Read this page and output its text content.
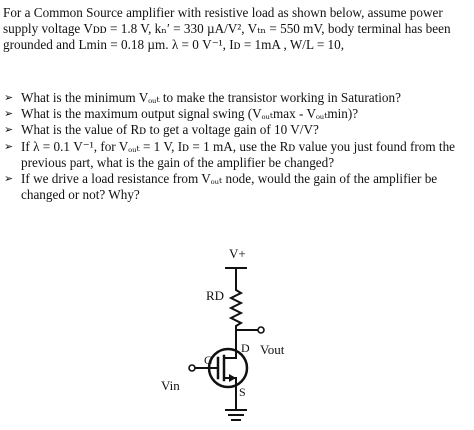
For a Common Source amplifier with resistive load as shown below, assume power supply voltage Vᴅᴅ = 1.8 V, kₙ′ = 330 µA/V², Vₜₙ = 550 mV, body terminal has been grounded and Lmin = 0.18 µm. λ = 0 V⁻¹, Iᴅ = 1mA , W/L = 10,
➢ What is the minimum Vₒᵤₜ to make the transistor working in Saturation?
➢ What is the maximum output signal swing (Vₒᵤₜmax - Vₒᵤₜmin)?
➢ What is the value of Rᴅ to get a voltage gain of 10 V/V?
➢ If λ = 0.1 V⁻¹, for Vₒᵤₜ = 1 V, Iᴅ = 1 mA, use the Rᴅ value you just found from the previous part, what is the gain of the amplifier be changed?
➢ If we drive a load resistance from Vₒᵤₜ node, would the gain of the amplifier be changed or not? Why?
V+
RD
D Vout
G
S
Vin
